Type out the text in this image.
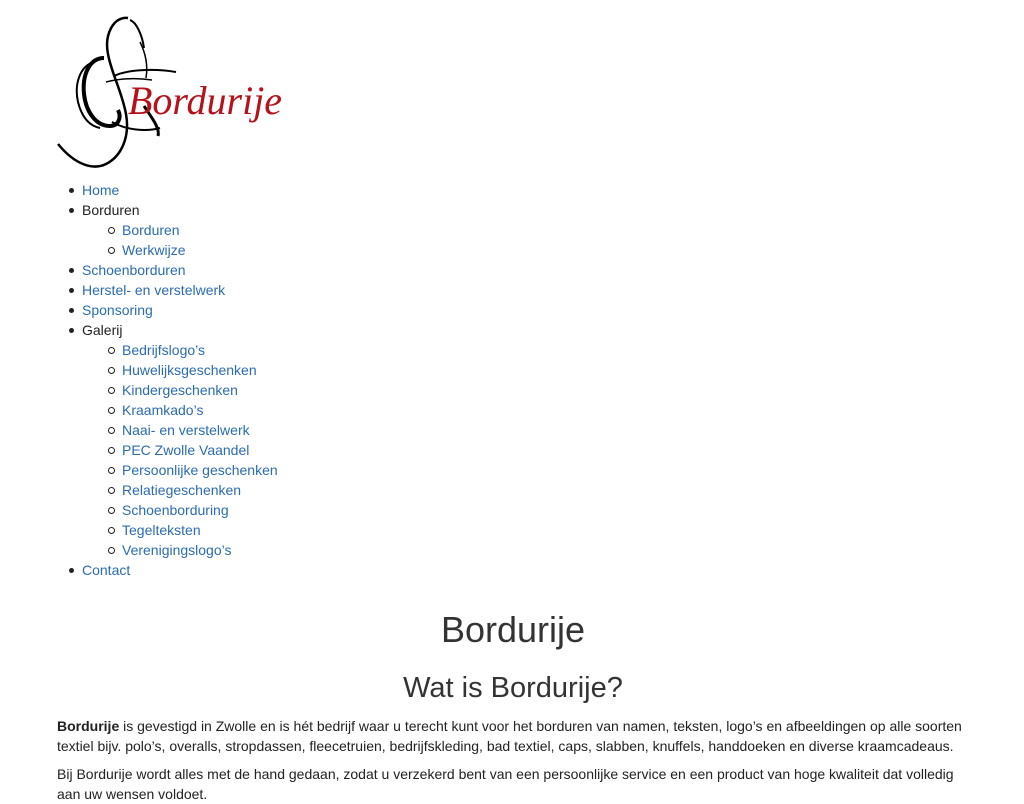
Bordurije
Home
Borduren
Borduren
Werkwijze
Schoenborduren
Herstel- en verstelwerk
Sponsoring
Galerij
Bedrijfslogo’s
Huwelijksgeschenken
Kindergeschenken
Kraamkado’s
Naai- en verstelwerk
PEC Zwolle Vaandel
Persoonlijke geschenken
Relatiegeschenken
Schoenborduring
Tegelteksten
Verenigingslogo’s
Contact
Bordurije
Wat is Bordurije?

Bordurije is gevestigd in Zwolle en is hét bedrijf waar u terecht kunt voor het borduren van namen, teksten, logo’s en afbeeldingen op alle soorten textiel bijv. polo’s, overalls, stropdassen, fleecetruien, bedrijfskleding, bad textiel, caps, slabben, knuffels, handdoeken en diverse kraamcadeaus.

Bij Bordurije wordt alles met de hand gedaan, zodat u verzekerd bent van een persoonlijke service en een product van hoge kwaliteit dat volledig aan uw wensen voldoet.
